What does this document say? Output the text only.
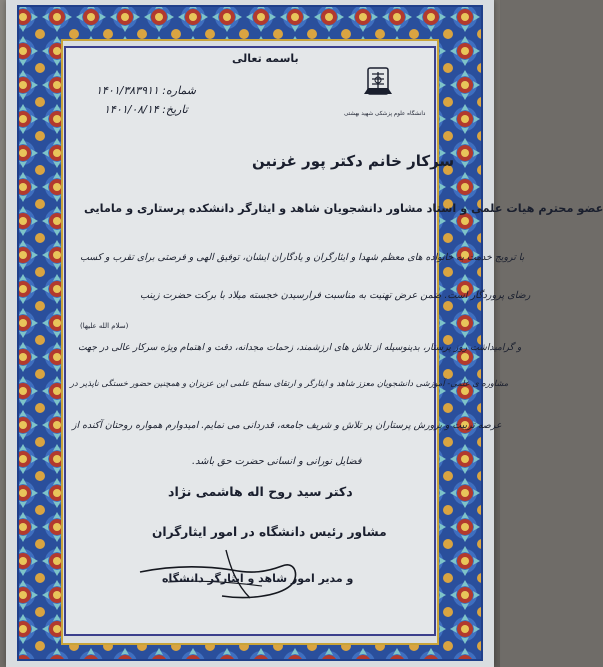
باسمه تعالی
شماره: ۱۴۰۱/۳۸۳۹۱۱
تاریخ: ۱۴۰۱/۰۸/۱۴	دانشگاه علوم پزشکی شهید بهشتی
سرکار خانم دکتر پور غزنین
عضو محترم هیات علمی و استاد مشاور دانشجویان شاهد و ایثارگر دانشکده پرستاری و مامایی
با ترویج خدمت به خانواده های معظم شهدا و ایثارگران و یادگاران ایشان، توفیق الهی و فرصتی برای تقرب و کسب
رضای پروردگار است. ضمن عرض تهنیت به مناسبت فرارسیدن خجسته میلاد با برکت حضرت زینب
(سلام الله علیها)
و گرامیداشت روز پرستار، بدینوسیله از تلاش های ارزشمند، زحمات مجدانه، دقت و اهتمام ویژه سرکار عالی در جهت
مشاوره ی علمی- آموزشی دانشجویان معزز شاهد و ایثارگر و ارتقای سطح علمی این عزیزان و همچنین حضور خستگی ناپذیر در
عرصه تربیت و پرورش پرستاران پر تلاش و شریف جامعه، قدردانی می نمایم. امیدوارم همواره روحتان آکنده از
فضایل نورانی و انسانی حضرت حق باشد.
دکتر سید روح اله هاشمی نژاد
مشاور رئیس دانشگاه در امور ایثارگران
و مدیر امور شاهد و ایثارگر دانشگاه
